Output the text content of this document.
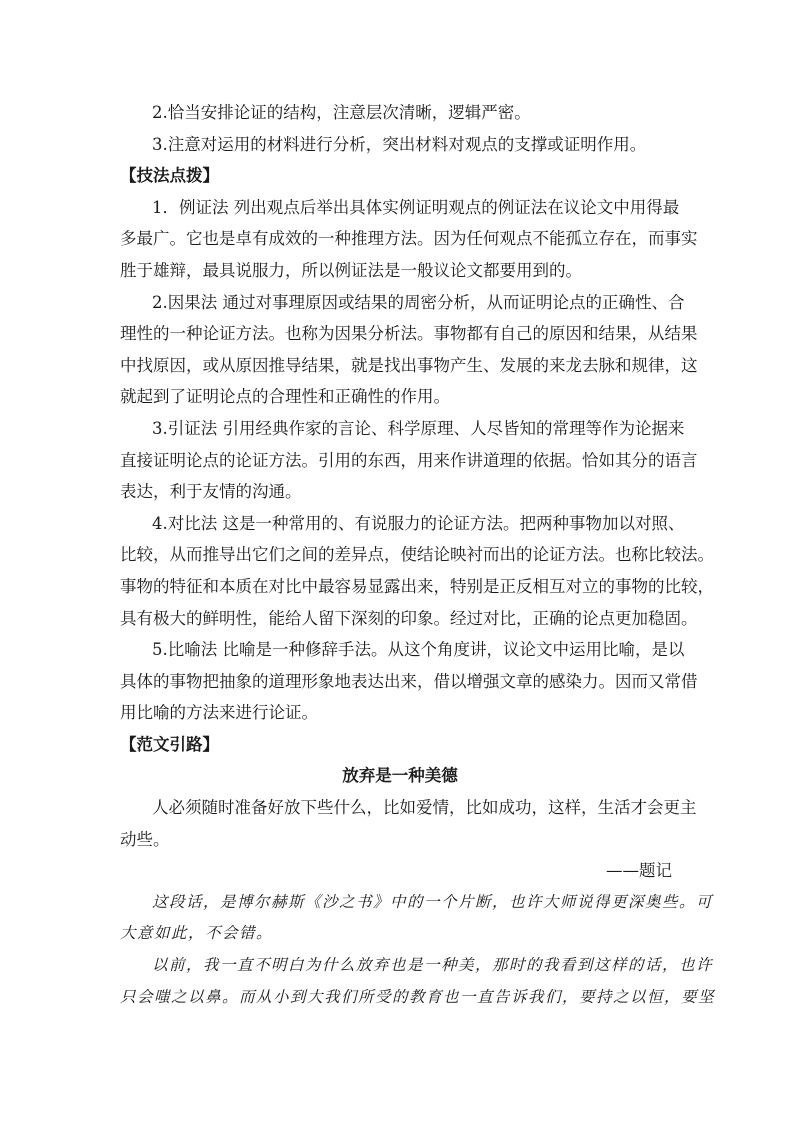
2.恰当安排论证的结构，注意层次清晰，逻辑严密。
3.注意对运用的材料进行分析，突出材料对观点的支撑或证明作用。
【技法点拨】
1．例证法 列出观点后举出具体实例证明观点的例证法在议论文中用得最
多最广。它也是卓有成效的一种推理方法。因为任何观点不能孤立存在，而事实
胜于雄辩，最具说服力，所以例证法是一般议论文都要用到的。
2.因果法 通过对事理原因或结果的周密分析，从而证明论点的正确性、合
理性的一种论证方法。也称为因果分析法。事物都有自己的原因和结果，从结果
中找原因，或从原因推导结果，就是找出事物产生、发展的来龙去脉和规律，这
就起到了证明论点的合理性和正确性的作用。
3.引证法 引用经典作家的言论、科学原理、人尽皆知的常理等作为论据来
直接证明论点的论证方法。引用的东西，用来作讲道理的依据。恰如其分的语言
表达，利于友情的沟通。
4.对比法 这是一种常用的、有说服力的论证方法。把两种事物加以对照、
比较，从而推导出它们之间的差异点，使结论映衬而出的论证方法。也称比较法。
事物的特征和本质在对比中最容易显露出来，特别是正反相互对立的事物的比较，
具有极大的鲜明性，能给人留下深刻的印象。经过对比，正确的论点更加稳固。
5.比喻法 比喻是一种修辞手法。从这个角度讲，议论文中运用比喻，是以
具体的事物把抽象的道理形象地表达出来，借以增强文章的感染力。因而又常借
用比喻的方法来进行论证。
【范文引路】
放弃是一种美德
人必须随时准备好放下些什么，比如爱情，比如成功，这样，生活才会更主
动些。
——题记
这段话，是博尔赫斯《沙之书》中的一个片断，也许大师说得更深奥些。可
大意如此，不会错。
以前，我一直不明白为什么放弃也是一种美，那时的我看到这样的话，也许
只会嗤之以鼻。而从小到大我们所受的教育也一直告诉我们，要持之以恒，要坚
